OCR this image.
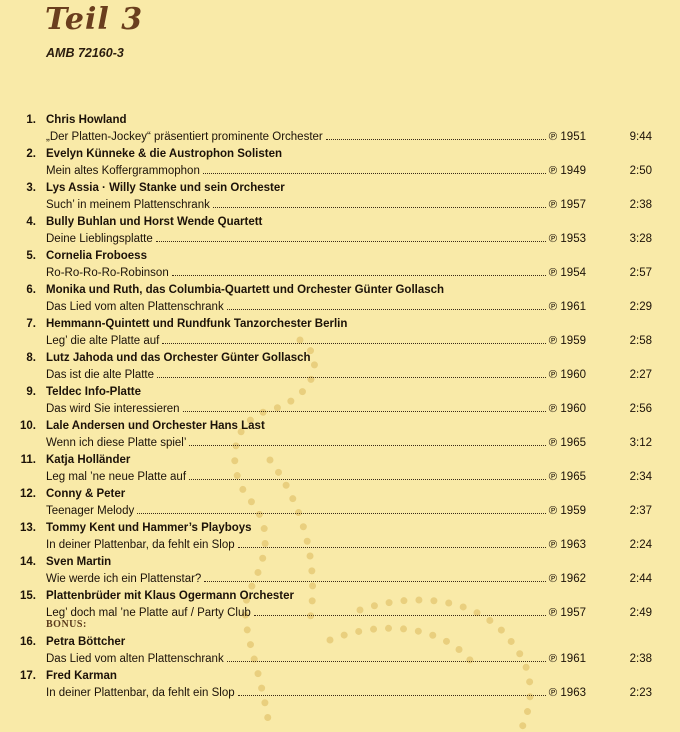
Teil 3
AMB 72160-3
1. Chris Howland
„Der Platten-Jockey“ präsentiert prominente Orchester	℗ 1951	9:44
2. Evelyn Künneke & die Austrophon Solisten
Mein altes Koffergrammophon	℗ 1949	2:50
3. Lys Assia · Willy Stanke und sein Orchester
Such’ in meinem Plattenschrank	℗ 1957	2:38
4. Bully Buhlan und Horst Wende Quartett
Deine Lieblingsplatte	℗ 1953	3:28
5. Cornelia Froboess
Ro-Ro-Ro-Ro-Robinson	℗ 1954	2:57
6. Monika und Ruth, das Columbia-Quartett und Orchester Günter Gollasch
Das Lied vom alten Plattenschrank	℗ 1961	2:29
7. Hemmann-Quintett und Rundfunk Tanzorchester Berlin
Leg’ die alte Platte auf	℗ 1959	2:58
8. Lutz Jahoda und das Orchester Günter Gollasch
Das ist die alte Platte	℗ 1960	2:27
9. Teldec Info-Platte
Das wird Sie interessieren	℗ 1960	2:56
10. Lale Andersen und Orchester Hans Last
Wenn ich diese Platte spiel’	℗ 1965	3:12
11. Katja Holländer
Leg mal ’ne neue Platte auf	℗ 1965	2:34
12. Conny & Peter
Teenager Melody	℗ 1959	2:37
13. Tommy Kent und Hammer’s Playboys
In deiner Plattenbar, da fehlt ein Slop	℗ 1963	2:24
14. Sven Martin
Wie werde ich ein Plattenstar?	℗ 1962	2:44
15. Plattenbrüder mit Klaus Ogermann Orchester
Leg’ doch mal ’ne Platte auf / Party Club	℗ 1957	2:49
BONUS:
16. Petra Böttcher
Das Lied vom alten Plattenschrank	℗ 1961	2:38
17. Fred Karman
In deiner Plattenbar, da fehlt ein Slop	℗ 1963	2:23
